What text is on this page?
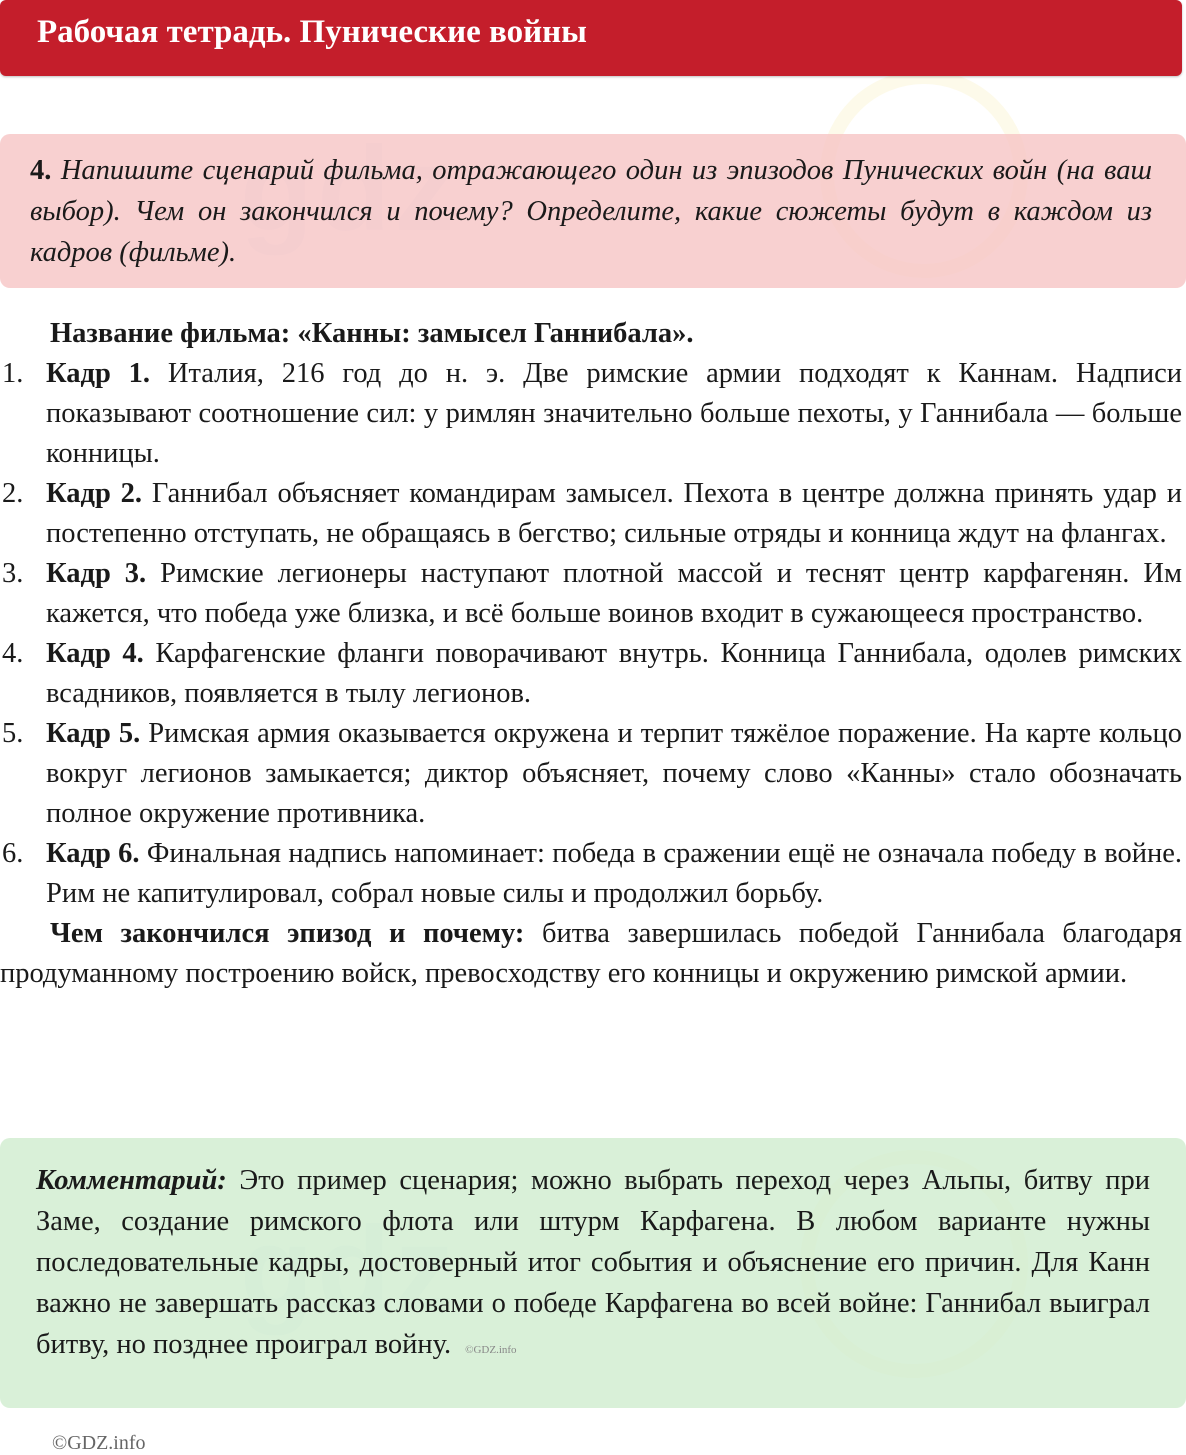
Рабочая тетрадь. Пунические войны
4. Напишите сценарий фильма, отражающего один из эпизодов Пунических войн (на ваш выбор). Чем он закончился и почему? Определите, какие сюжеты будут в каждом из кадров (фильме).

Название фильма: «Канны: замысел Ганнибала».

1. Кадр 1. Италия, 216 год до н. э. Две римские армии подходят к Каннам. Надписи показывают соотношение сил: у римлян значительно больше пехоты, у Ганнибала — больше конницы.
2. Кадр 2. Ганнибал объясняет командирам замысел. Пехота в центре должна принять удар и постепенно отступать, не обращаясь в бегство; сильные отряды и конница ждут на флангах.
3. Кадр 3. Римские легионеры наступают плотной массой и теснят центр карфагенян. Им кажется, что победа уже близка, и всё больше воинов входит в сужающееся пространство.
4. Кадр 4. Карфагенские фланги поворачивают внутрь. Конница Ганнибала, одолев римских всадников, появляется в тылу легионов.
5. Кадр 5. Римская армия оказывается окружена и терпит тяжёлое поражение. На карте кольцо вокруг легионов замыкается; диктор объясняет, почему слово «Канны» стало обозначать полное окружение противника.
6. Кадр 6. Финальная надпись напоминает: победа в сражении ещё не означала победу в войне. Рим не капитулировал, собрал новые силы и продолжил борьбу.

Чем закончился эпизод и почему: битва завершилась победой Ганнибала благодаря продуманному построению войск, превосходству его конницы и окружению римской армии.

Комментарий: Это пример сценария; можно выбрать переход через Альпы, битву при Заме, создание римского флота или штурм Карфагена. В любом варианте нужны последовательные кадры, достоверный итог события и объяснение его причин. Для Канн важно не завершать рассказ словами о победе Карфагена во всей войне: Ганнибал выиграл битву, но позднее проиграл войну. ©GDZ.info
©GDZ.info
